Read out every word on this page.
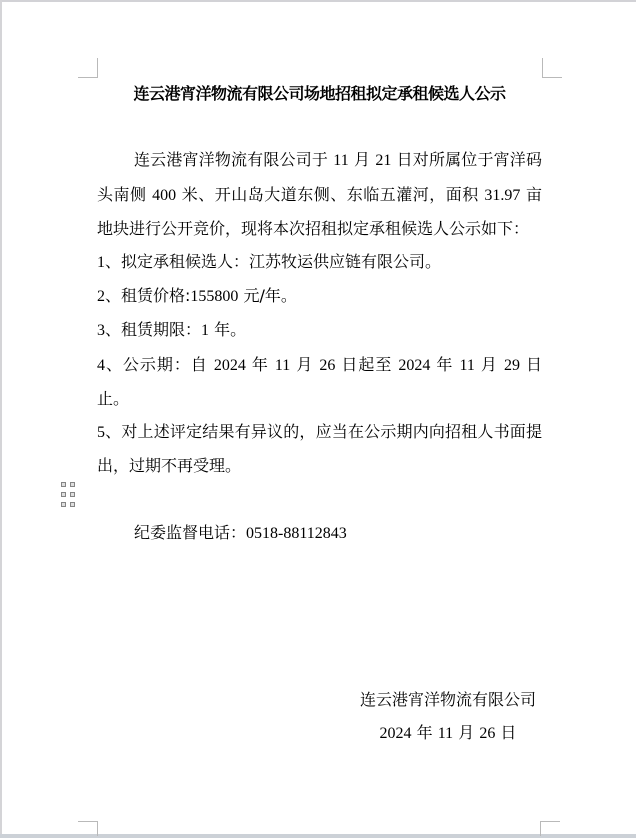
连云港宵洋物流有限公司场地招租拟定承租候选人公示
连云港宵洋物流有限公司于 11 月 21 日对所属位于宵洋码头南侧 400 米、开山岛大道东侧、东临五灌河，面积 31.97 亩地块进行公开竞价，现将本次招租拟定承租候选人公示如下：
1、拟定承租候选人：江苏牧运供应链有限公司。
2、租赁价格:155800 元/年。
3、租赁期限：1 年。
4、公示期：自 2024 年 11 月 26 日起至 2024 年 11 月 29 日止。
5、对上述评定结果有异议的，应当在公示期内向招租人书面提出，过期不再受理。
纪委监督电话：0518-88112843
连云港宵洋物流有限公司
2024 年 11 月 26 日
